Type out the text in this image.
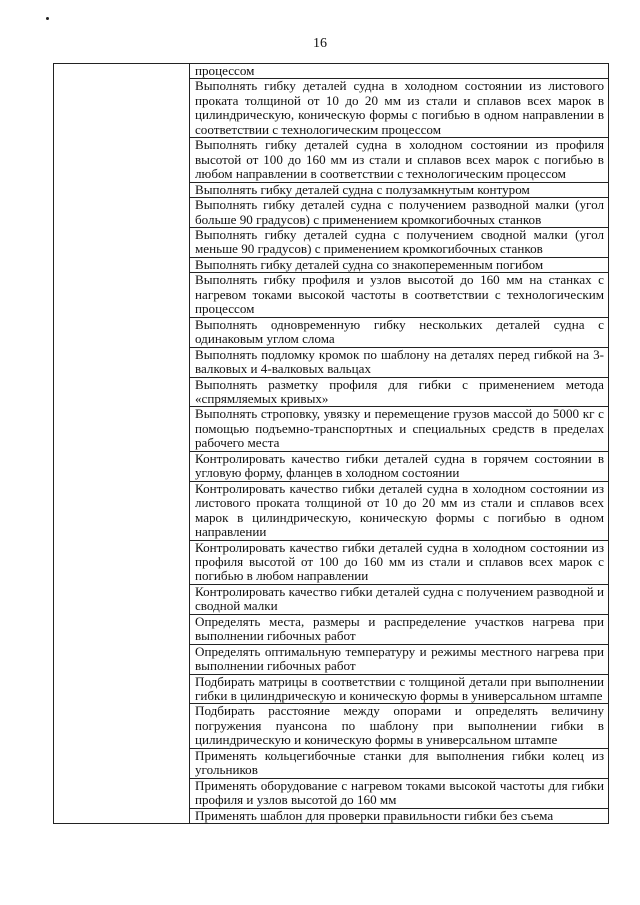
16
	процессом
Выполнять гибку деталей судна в холодном состоянии из листового проката толщиной от 10 до 20 мм из стали и сплавов всех марок в цилиндрическую, коническую формы с погибью в одном направлении в соответствии с технологическим процессом
Выполнять гибку деталей судна в холодном состоянии из профиля высотой от 100 до 160 мм из стали и сплавов всех марок с погибью в любом направлении в соответствии с технологическим процессом
Выполнять гибку деталей судна с полузамкнутым контуром
Выполнять гибку деталей судна с получением разводной малки (угол больше 90 градусов) с применением кромкогибочных станков
Выполнять гибку деталей судна с получением сводной малки (угол меньше 90 градусов) с применением кромкогибочных станков
Выполнять гибку деталей судна со знакопеременным погибом
Выполнять гибку профиля и узлов высотой до 160 мм на станках с нагревом токами высокой частоты в соответствии с технологическим процессом
Выполнять одновременную гибку нескольких деталей судна с одинаковым углом слома
Выполнять подломку кромок по шаблону на деталях перед гибкой на 3-валковых и 4-валковых вальцах
Выполнять разметку профиля для гибки с применением метода «спрямляемых кривых»
Выполнять строповку, увязку и перемещение грузов массой до 5000 кг с помощью подъемно-транспортных и специальных средств в пределах рабочего места
Контролировать качество гибки деталей судна в горячем состоянии в угловую форму, фланцев в холодном состоянии
Контролировать качество гибки деталей судна в холодном состоянии из листового проката толщиной от 10 до 20 мм из стали и сплавов всех марок в цилиндрическую, коническую формы с погибью в одном направлении
Контролировать качество гибки деталей судна в холодном состоянии из профиля высотой от 100 до 160 мм из стали и сплавов всех марок с погибью в любом направлении
Контролировать качество гибки деталей судна с получением разводной и сводной малки
Определять места, размеры и распределение участков нагрева при выполнении гибочных работ
Определять оптимальную температуру и режимы местного нагрева при выполнении гибочных работ
Подбирать матрицы в соответствии с толщиной детали при выполнении гибки в цилиндрическую и коническую формы в универсальном штампе
Подбирать расстояние между опорами и определять величину погружения пуансона по шаблону при выполнении гибки в цилиндрическую и коническую формы в универсальном штампе
Применять кольцегибочные станки для выполнения гибки колец из угольников
Применять оборудование с нагревом токами высокой частоты для гибки профиля и узлов высотой до 160 мм
Применять шаблон для проверки правильности гибки без съема
